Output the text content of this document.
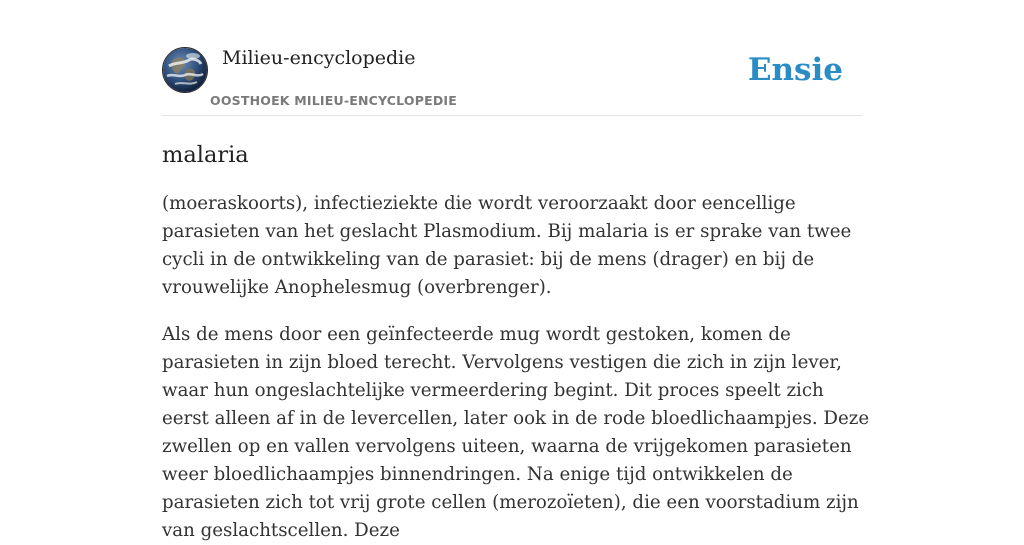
Milieu-encyclopedie
OOSTHOEK MILIEU-ENCYCLOPEDIE
Ensie
malaria

(moeraskoorts), infectieziekte die wordt veroorzaakt door eencellige parasieten van het geslacht Plasmodium. Bij malaria is er sprake van twee cycli in de ontwikkeling van de parasiet: bij de mens (drager) en bij de vrouwelijke Anophelesmug (overbrenger).

Als de mens door een geïnfecteerde mug wordt gestoken, komen de parasieten in zijn bloed terecht. Vervolgens vestigen die zich in zijn lever, waar hun ongeslachtelijke vermeerdering begint. Dit proces speelt zich eerst alleen af in de levercellen, later ook in de rode bloedlichaampjes. Deze zwellen op en vallen vervolgens uiteen, waarna de vrijgekomen parasieten weer bloedlichaampjes binnendringen. Na enige tijd ontwikkelen de parasieten zich tot vrij grote cellen (merozoïeten), die een voorstadium zijn van geslachtscellen. Deze
